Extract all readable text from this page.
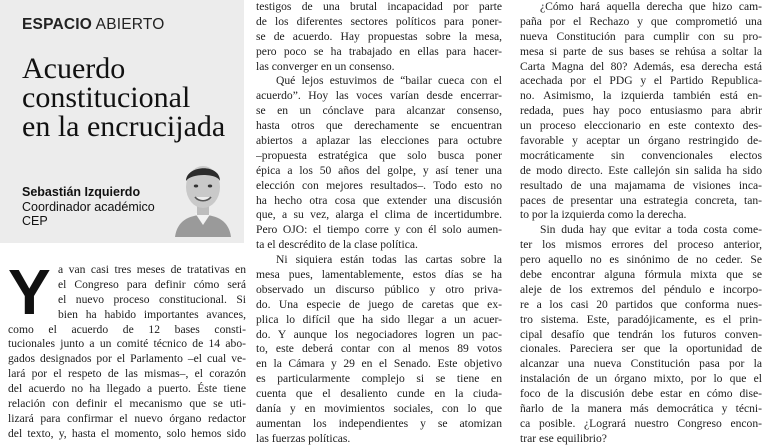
ESPACIO ABIERTO
Acuerdo
constitucional
en la encrucijada
Sebastián Izquierdo
Coordinador académico
CEP
Y a van casi tres meses de tratativas en
el Congreso para definir cómo será
el nuevo proceso constitucional. Si
bien ha habido importantes avances,
como el acuerdo de 12 bases consti-
tucionales junto a un comité técnico de 14 abo-
gados designados por el Parlamento –el cual ve-
lará por el respeto de las mismas–, el corazón
del acuerdo no ha llegado a puerto. Éste tiene
relación con definir el mecanismo que se uti-
lizará para confirmar el nuevo órgano redactor
del texto, y, hasta el momento, solo hemos sido
testigos de una brutal incapacidad por parte
de los diferentes sectores políticos para poner-
se de acuerdo. Hay propuestas sobre la mesa,
pero poco se ha trabajado en ellas para hacer-
las converger en un consenso.
Qué lejos estuvimos de “bailar cueca con el
acuerdo”. Hoy las voces varían desde encerrar-
se en un cónclave para alcanzar consenso,
hasta otros que derechamente se encuentran
abiertos a aplazar las elecciones para octubre
–propuesta estratégica que solo busca poner
épica a los 50 años del golpe, y así tener una
elección con mejores resultados–. Todo esto no
ha hecho otra cosa que extender una discusión
que, a su vez, alarga el clima de incertidumbre.
Pero OJO: el tiempo corre y con él solo aumen-
ta el descrédito de la clase política.
Ni siquiera están todas las cartas sobre la
mesa pues, lamentablemente, estos días se ha
observado un discurso público y otro priva-
do. Una especie de juego de caretas que ex-
plica lo difícil que ha sido llegar a un acuer-
do. Y aunque los negociadores logren un pac-
to, este deberá contar con al menos 89 votos
en la Cámara y 29 en el Senado. Este objetivo
es particularmente complejo si se tiene en
cuenta que el desaliento cunde en la ciuda-
danía y en movimientos sociales, con lo que
aumentan los independientes y se atomizan
las fuerzas políticas.
¿Cómo hará aquella derecha que hizo cam-
paña por el Rechazo y que comprometió una
nueva Constitución para cumplir con su pro-
mesa si parte de sus bases se rehúsa a soltar la
Carta Magna del 80? Además, esa derecha está
acechada por el PDG y el Partido Republica-
no. Asimismo, la izquierda también está en-
redada, pues hay poco entusiasmo para abrir
un proceso eleccionario en este contexto des-
favorable y aceptar un órgano restringido de-
mocráticamente sin convencionales electos
de modo directo. Este callejón sin salida ha sido
resultado de una majamama de visiones inca-
paces de presentar una estrategia concreta, tan-
to por la izquierda como la derecha.
Sin duda hay que evitar a toda costa come-
ter los mismos errores del proceso anterior,
pero aquello no es sinónimo de no ceder. Se
debe encontrar alguna fórmula mixta que se
aleje de los extremos del péndulo e incorpo-
re a los casi 20 partidos que conforma nues-
tro sistema. Este, paradójicamente, es el prin-
cipal desafío que tendrán los futuros conven-
cionales. Pareciera ser que la oportunidad de
alcanzar una nueva Constitución pasa por la
instalación de un órgano mixto, por lo que el
foco de la discusión debe estar en cómo dise-
ñarlo de la manera más democrática y técni-
ca posible. ¿Logrará nuestro Congreso encon-
trar ese equilibrio?
